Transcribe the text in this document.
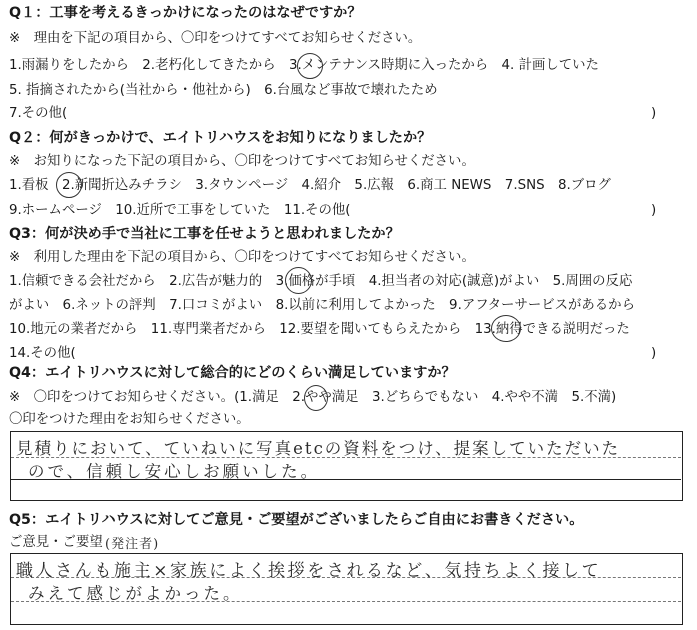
Q１：工事を考えるきっかけになったのはなぜですか？
※　理由を下記の項目から、〇印をつけてすべてお知らせください。
1.雨漏りをしたから　2.老朽化してきたから　3.メンテナンス時期に入ったから　4. 計画していた
5. 指摘されたから(当社から・他社から)　6.台風など事故で壊れたため
7.その他(	)
Q２：何がきっかけで、エイトリハウスをお知りになりましたか？
※　お知りになった下記の項目から、〇印をつけてすべてお知らせください。
1.看板　2.新聞折込みチラシ　3.タウンページ　4.紹介　5.広報　6.商工 NEWS　7.SNS　8.ブログ
9.ホームページ　10.近所で工事をしていた　11.その他(	)
Q3：何が決め手で当社に工事を任せようと思われましたか？
※　利用した理由を下記の項目から、〇印をつけてすべてお知らせください。
1.信頼できる会社だから　2.広告が魅力的　3.価格が手頃　4.担当者の対応(誠意)がよい　5.周囲の反応
がよい　6.ネットの評判　7.口コミがよい　8.以前に利用してよかった　9.アフターサービスがあるから
10.地元の業者だから　11.専門業者だから　12.要望を聞いてもらえたから　13.納得できる説明だった
14.その他(	)
Q4：エイトリハウスに対して総合的にどのくらい満足していますか？
※　〇印をつけてお知らせください。(1.満足　2.やや満足　3.どちらでもない　4.やや不満　5.不満)
〇印をつけた理由をお知らせください。
見積りにおいて、ていねいに写真etcの資料をつけ、提案していただいた
ので、信頼し安心しお願いした。
Q5：エイトリハウスに対してご意見・ご要望がございましたらご自由にお書きください。
ご意見・ご要望 (発注者)
職人さんも施主×家族によく挨拶をされるなど、気持ちよく接して
みえて感じがよかった。
